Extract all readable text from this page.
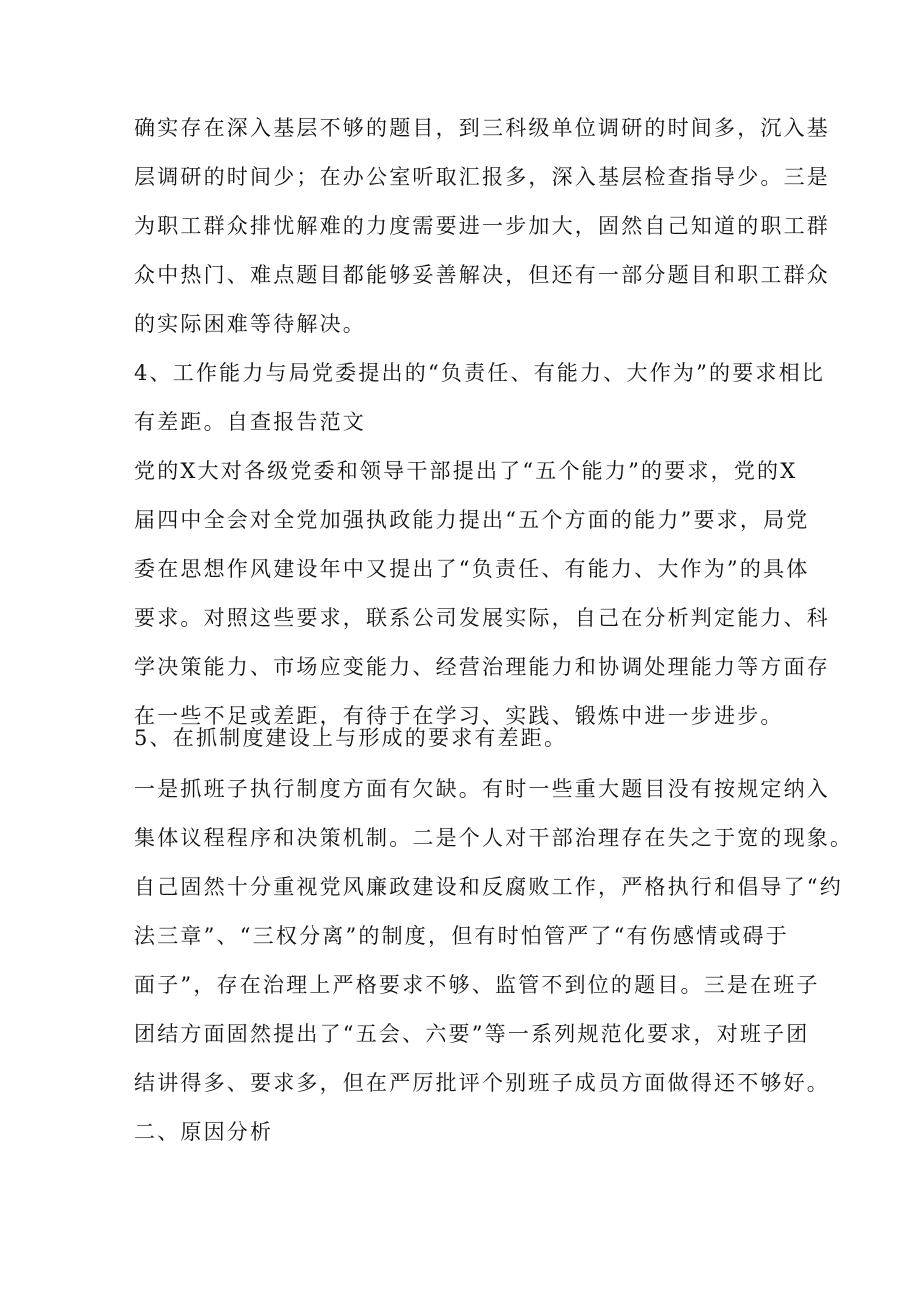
确实存在深入基层不够的题目，到三科级单位调研的时间多，沉入基
层调研的时间少；在办公室听取汇报多，深入基层检查指导少。三是
为职工群众排忧解难的力度需要进一步加大，固然自己知道的职工群
众中热门、难点题目都能够妥善解决，但还有一部分题目和职工群众
的实际困难等待解决。
4、工作能力与局党委提出的“负责任、有能力、大作为”的要求相比
有差距。自查报告范文
党的X大对各级党委和领导干部提出了“五个能力”的要求，党的X
届四中全会对全党加强执政能力提出“五个方面的能力”要求，局党
委在思想作风建设年中又提出了“负责任、有能力、大作为”的具体
要求。对照这些要求，联系公司发展实际，自己在分析判定能力、科
学决策能力、市场应变能力、经营治理能力和协调处理能力等方面存
在一些不足或差距，有待于在学习、实践、锻炼中进一步进步。
5、在抓制度建设上与形成的要求有差距。
一是抓班子执行制度方面有欠缺。有时一些重大题目没有按规定纳入
集体议程程序和决策机制。二是个人对干部治理存在失之于宽的现象。
自己固然十分重视党风廉政建设和反腐败工作，严格执行和倡导了“约
法三章”、“三权分离”的制度，但有时怕管严了“有伤感情或碍于
面子”，存在治理上严格要求不够、监管不到位的题目。三是在班子
团结方面固然提出了“五会、六要”等一系列规范化要求，对班子团
结讲得多、要求多，但在严厉批评个别班子成员方面做得还不够好。
二、原因分析
